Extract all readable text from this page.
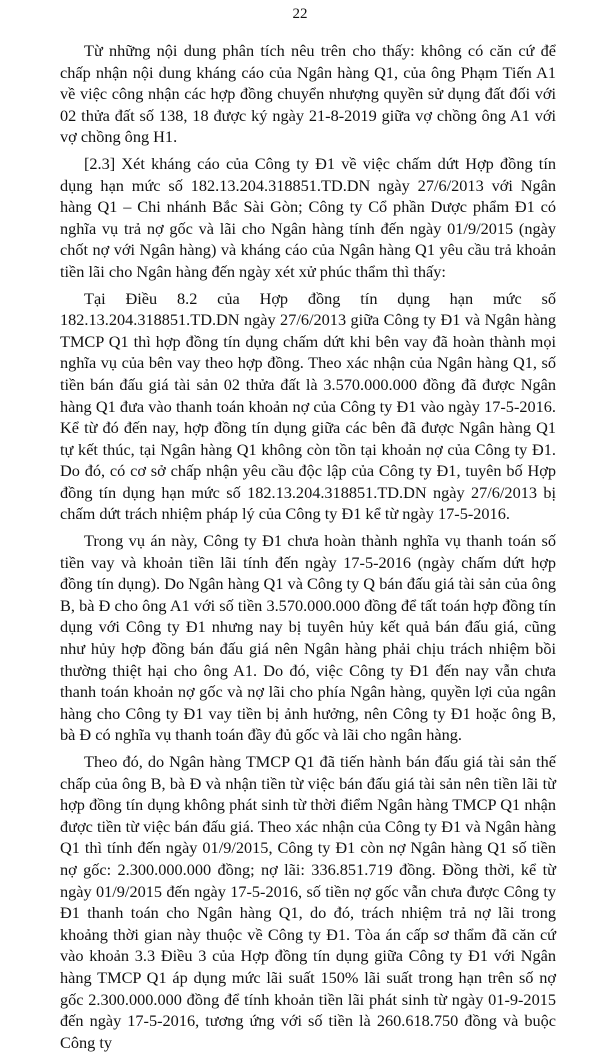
22

Từ những nội dung phân tích nêu trên cho thấy: không có căn cứ để chấp nhận nội dung kháng cáo của Ngân hàng Q1, của ông Phạm Tiến A1 về việc công nhận các hợp đồng chuyển nhượng quyền sử dụng đất đối với 02 thửa đất số 138, 18 được ký ngày 21-8-2019 giữa vợ chồng ông A1 với vợ chồng ông H1.

[2.3] Xét kháng cáo của Công ty Đ1 về việc chấm dứt Hợp đồng tín dụng hạn mức số 182.13.204.318851.TD.DN ngày 27/6/2013 với Ngân hàng Q1 – Chi nhánh Bắc Sài Gòn; Công ty Cổ phần Dược phẩm Đ1 có nghĩa vụ trả nợ gốc và lãi cho Ngân hàng tính đến ngày 01/9/2015 (ngày chốt nợ với Ngân hàng) và kháng cáo của Ngân hàng Q1 yêu cầu trả khoản tiền lãi cho Ngân hàng đến ngày xét xử phúc thẩm thì thấy:

Tại Điều 8.2 của Hợp đồng tín dụng hạn mức số 182.13.204.318851.TD.DN ngày 27/6/2013 giữa Công ty Đ1 và Ngân hàng TMCP Q1 thì hợp đồng tín dụng chấm dứt khi bên vay đã hoàn thành mọi nghĩa vụ của bên vay theo hợp đồng. Theo xác nhận của Ngân hàng Q1, số tiền bán đấu giá tài sản 02 thửa đất là 3.570.000.000 đồng đã được Ngân hàng Q1 đưa vào thanh toán khoản nợ của Công ty Đ1 vào ngày 17-5-2016. Kể từ đó đến nay, hợp đồng tín dụng giữa các bên đã được Ngân hàng Q1 tự kết thúc, tại Ngân hàng Q1 không còn tồn tại khoản nợ của Công ty Đ1. Do đó, có cơ sở chấp nhận yêu cầu độc lập của Công ty Đ1, tuyên bố Hợp đồng tín dụng hạn mức số 182.13.204.318851.TD.DN ngày 27/6/2013 bị chấm dứt trách nhiệm pháp lý của Công ty Đ1 kể từ ngày 17-5-2016.

Trong vụ án này, Công ty Đ1 chưa hoàn thành nghĩa vụ thanh toán số tiền vay và khoản tiền lãi tính đến ngày 17-5-2016 (ngày chấm dứt hợp đồng tín dụng). Do Ngân hàng Q1 và Công ty Q bán đấu giá tài sản của ông B, bà Đ cho ông A1 với số tiền 3.570.000.000 đồng để tất toán hợp đồng tín dụng với Công ty Đ1 nhưng nay bị tuyên hủy kết quả bán đấu giá, cũng như hủy hợp đồng bán đấu giá nên Ngân hàng phải chịu trách nhiệm bồi thường thiệt hại cho ông A1. Do đó, việc Công ty Đ1 đến nay vẫn chưa thanh toán khoản nợ gốc và nợ lãi cho phía Ngân hàng, quyền lợi của ngân hàng cho Công ty Đ1 vay tiền bị ảnh hưởng, nên Công ty Đ1 hoặc ông B, bà Đ có nghĩa vụ thanh toán đầy đủ gốc và lãi cho ngân hàng.

Theo đó, do Ngân hàng TMCP Q1 đã tiến hành bán đấu giá tài sản thế chấp của ông B, bà Đ và nhận tiền từ việc bán đấu giá tài sản nên tiền lãi từ hợp đồng tín dụng không phát sinh từ thời điểm Ngân hàng TMCP Q1 nhận được tiền từ việc bán đấu giá. Theo xác nhận của Công ty Đ1 và Ngân hàng Q1 thì tính đến ngày 01/9/2015, Công ty Đ1 còn nợ Ngân hàng Q1 số tiền nợ gốc: 2.300.000.000 đồng; nợ lãi: 336.851.719 đồng. Đồng thời, kể từ ngày 01/9/2015 đến ngày 17-5-2016, số tiền nợ gốc vẫn chưa được Công ty Đ1 thanh toán cho Ngân hàng Q1, do đó, trách nhiệm trả nợ lãi trong khoảng thời gian này thuộc về Công ty Đ1. Tòa án cấp sơ thẩm đã căn cứ vào khoản 3.3 Điều 3 của Hợp đồng tín dụng giữa Công ty Đ1 với Ngân hàng TMCP Q1 áp dụng mức lãi suất 150% lãi suất trong hạn trên số nợ gốc 2.300.000.000 đồng để tính khoản tiền lãi phát sinh từ ngày 01-9-2015 đến ngày 17-5-2016, tương ứng với số tiền là 260.618.750 đồng và buộc Công ty
